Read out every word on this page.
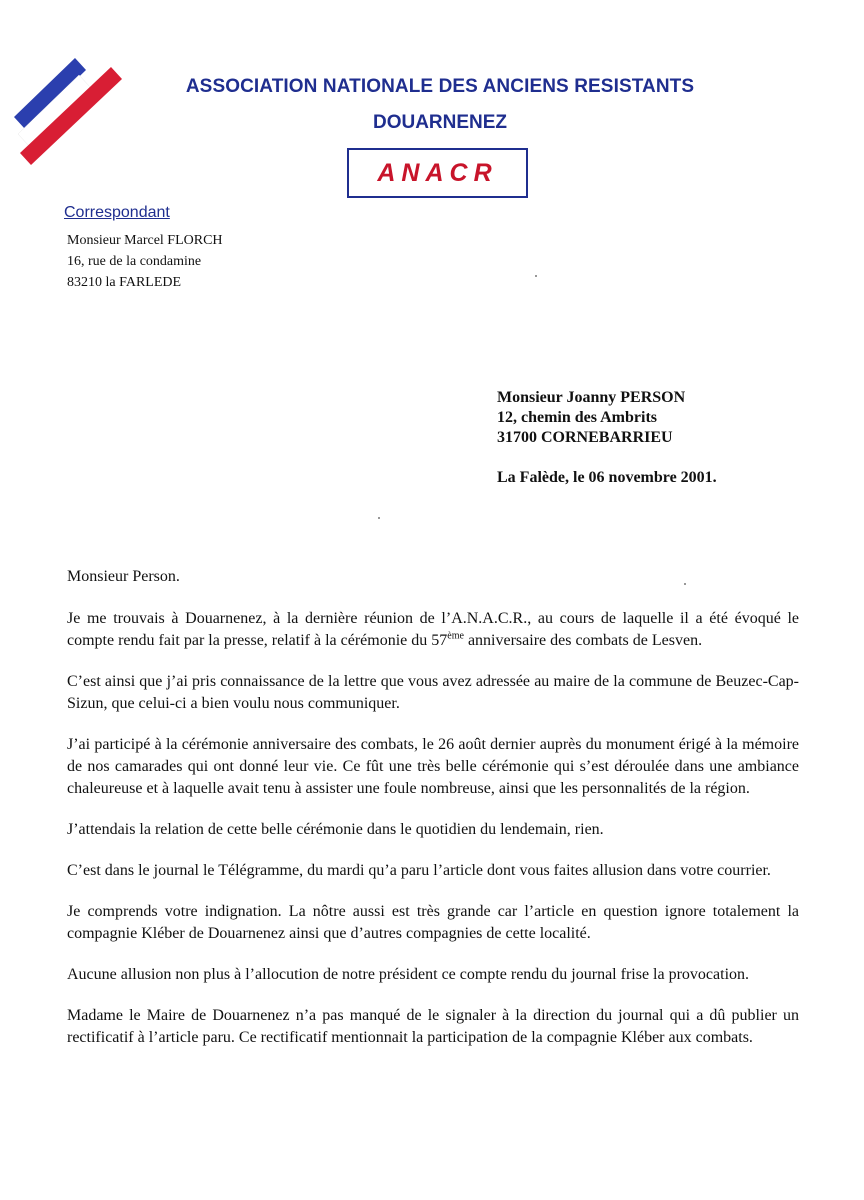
ASSOCIATION NATIONALE DES ANCIENS RESISTANTS
DOUARNENEZ
ANACR
Correspondant
Monsieur Marcel FLORCH
16, rue de la condamine
83210 la FARLEDE
Monsieur Joanny PERSON
12, chemin des Ambrits
31700 CORNEBARRIEU
La Falède, le 06 novembre 2001.

Monsieur Person.

Je me trouvais à Douarnenez, à la dernière réunion de l’A.N.A.C.R., au cours de laquelle il a été évoqué le compte rendu fait par la presse, relatif à la cérémonie du 57ème anniversaire des combats de Lesven.

C’est ainsi que j’ai pris connaissance de la lettre que vous avez adressée au maire de la commune de Beuzec-Cap-Sizun, que celui-ci a bien voulu nous communiquer.

J’ai participé à la cérémonie anniversaire des combats, le 26 août dernier auprès du monument érigé à la mémoire de nos camarades qui ont donné leur vie. Ce fût une très belle cérémonie qui s’est déroulée dans une ambiance chaleureuse et à laquelle avait tenu à assister une foule nombreuse, ainsi que les personnalités de la région.

J’attendais la relation de cette belle cérémonie dans le quotidien du lendemain, rien.

C’est dans le journal le Télégramme, du mardi qu’a paru l’article dont vous faites allusion dans votre courrier.

Je comprends votre indignation. La nôtre aussi est très grande car l’article en question ignore totalement la compagnie Kléber de Douarnenez ainsi que d’autres compagnies de cette localité.

Aucune allusion non plus à l’allocution de notre président ce compte rendu du journal frise la provocation.

Madame le Maire de Douarnenez n’a pas manqué de le signaler à la direction du journal qui a dû publier un rectificatif à l’article paru. Ce rectificatif mentionnait la participation de la compagnie Kléber aux combats.
